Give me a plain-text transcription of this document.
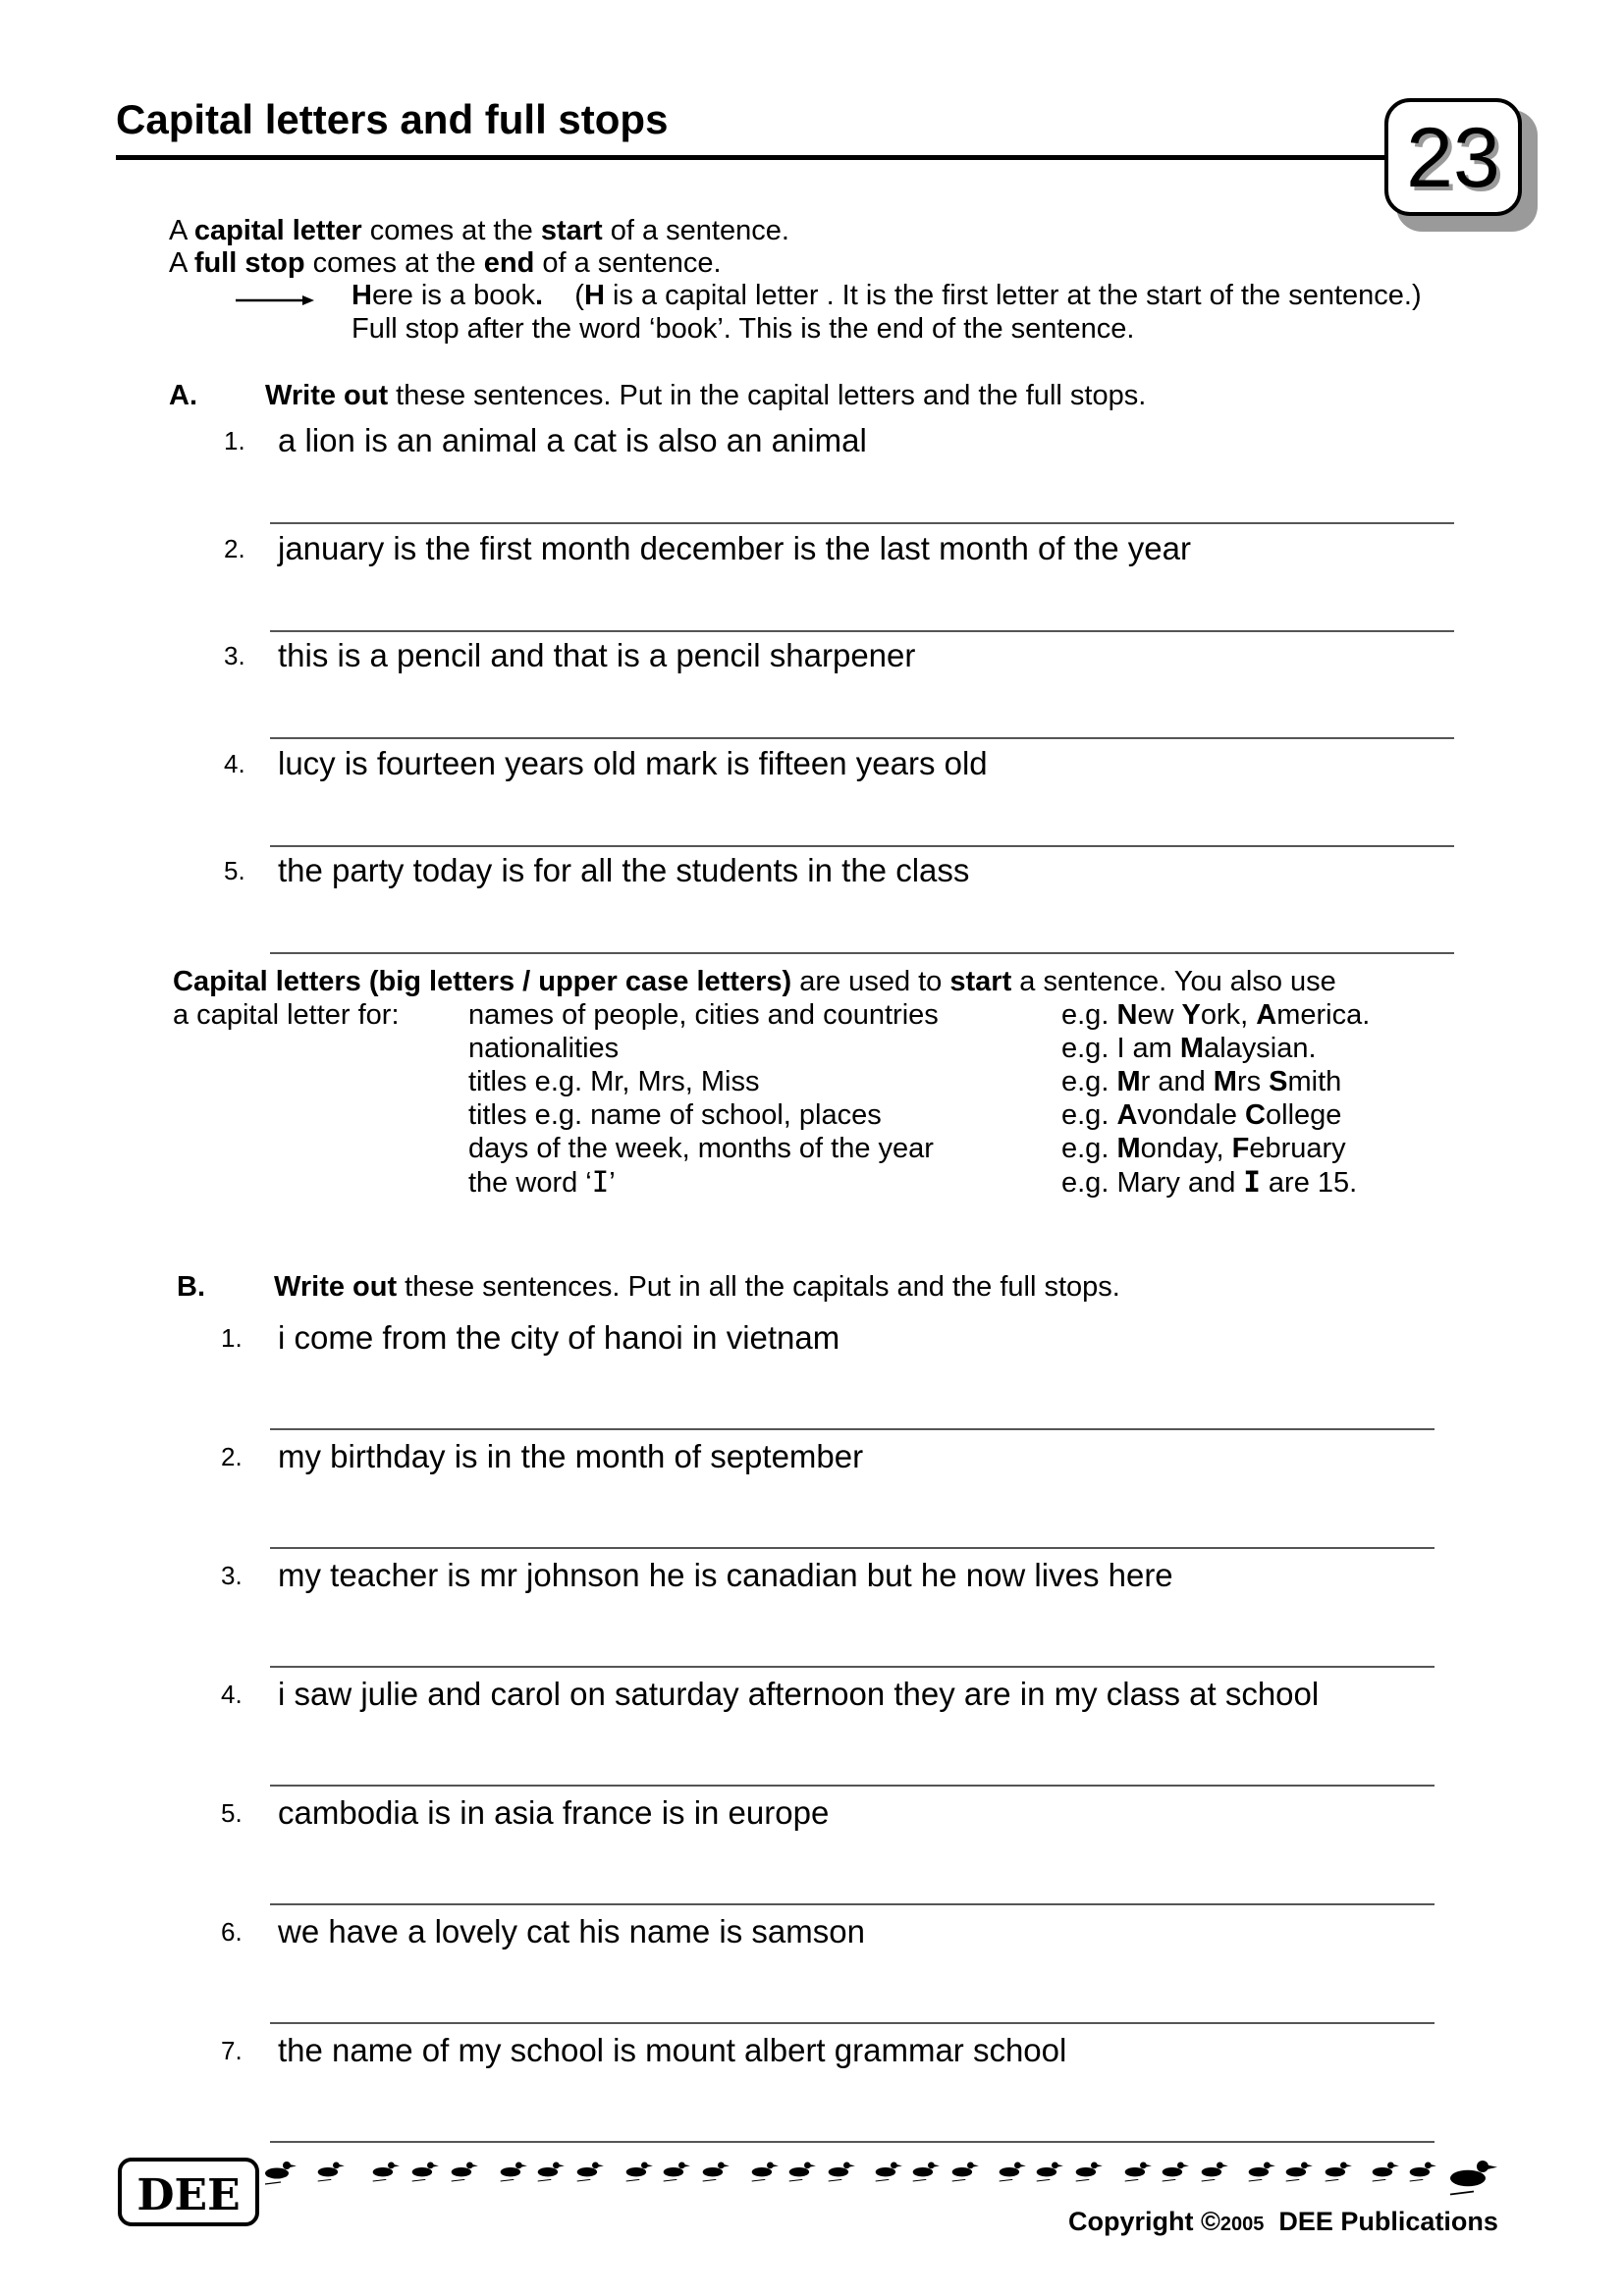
Capital letters and full stops	23
A capital letter comes at the start of a sentence.
A full stop comes at the end of a sentence.
Here is a book.    (H is a capital letter . It is the first letter at the start of the sentence.)
Full stop after the word ‘book’. This is the end of the sentence.
A. Write out these sentences. Put in the capital letters and the full stops.
1. a lion is an animal a cat is also an animal
2. january is the first month december is the last month of the year
3. this is a pencil and that is a pencil sharpener
4. lucy is fourteen years old mark is fifteen years old
5. the party today is for all the students in the class
Capital letters (big letters / upper case letters) are used to start a sentence. You also use
a capital letter for: names of people, cities and countries
nationalities
titles e.g. Mr, Mrs, Miss
titles e.g. name of school, places
days of the week, months of the year
the word ‘I’
e.g. New York, America.
e.g. I am Malaysian.
e.g. Mr and Mrs Smith
e.g. Avondale College
e.g. Monday, February
e.g. Mary and I are 15.
B. Write out these sentences. Put in all the capitals and the full stops.
1. i come from the city of hanoi in vietnam
2. my birthday is in the month of september
3. my teacher is mr johnson he is canadian but he now lives here
4. i saw julie and carol on saturday afternoon they are in my class at school
5. cambodia is in asia france is in europe
6. we have a lovely cat his name is samson
7. the name of my school is mount albert grammar school
DEE
Copyright ©2005  DEE Publications
